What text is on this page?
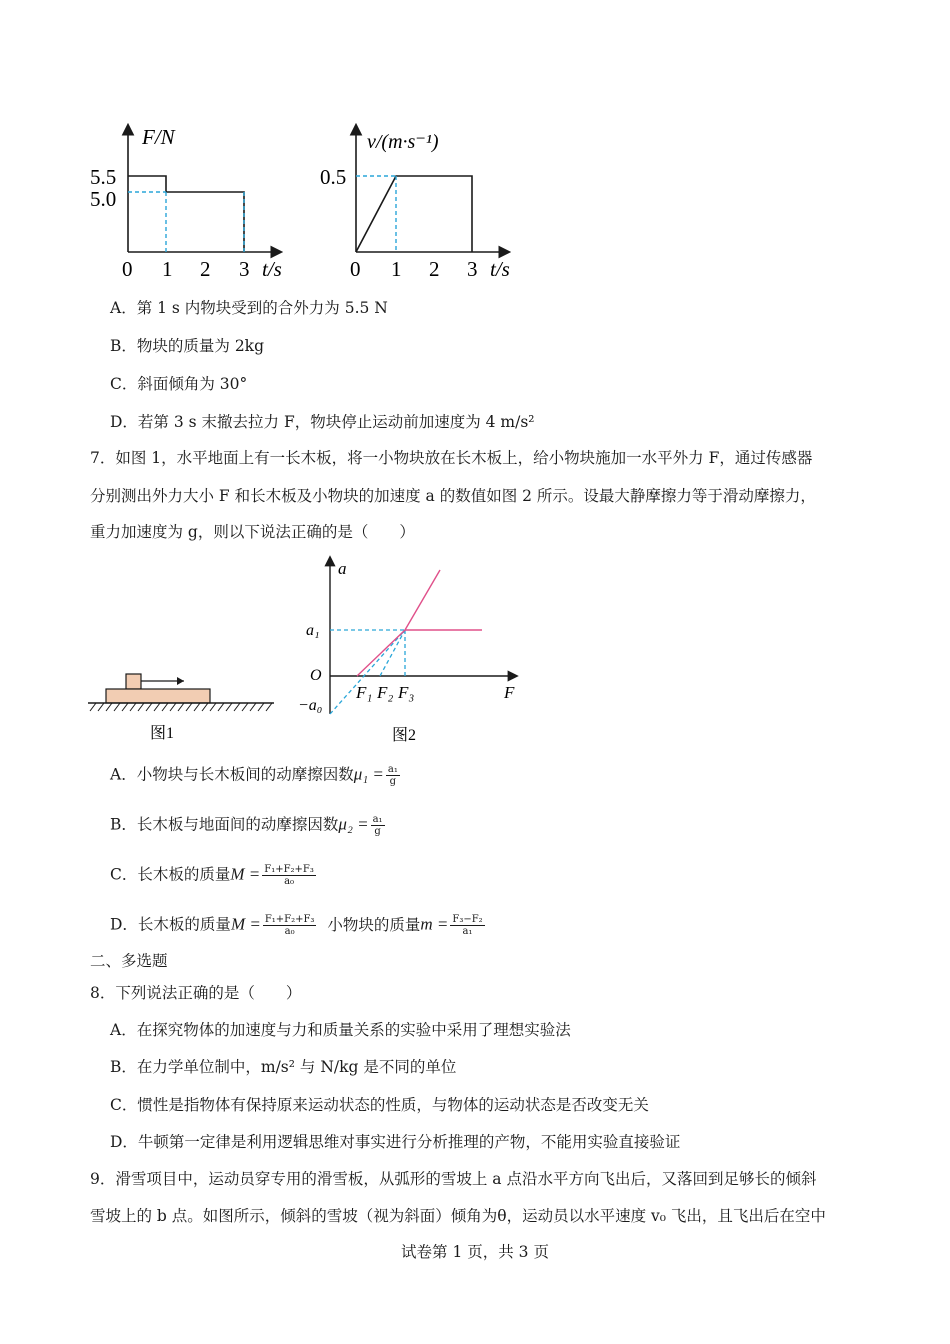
F/N
5.5
5.0
0 1 2 3 t/s
v/(m·s⁻¹)
0.5
0 1 2 3 t/s
A．第 1 s 内物块受到的合外力为 5.5 N
B．物块的质量为 2kg
C．斜面倾角为 30°
D．若第 3 s 末撤去拉力 F，物块停止运动前加速度为 4 m/s²
7．如图 1，水平地面上有一长木板，将一小物块放在长木板上，给小物块施加一水平外力 F，通过传感器
分别测出外力大小 F 和长木板及小物块的加速度 a 的数值如图 2 所示。设最大静摩擦力等于滑动摩擦力，
重力加速度为 g，则以下说法正确的是（　　）
图1
a
a₁
O
−a₀
F₁ F₂ F₃	F
图2
A．小物块与长木板间的动摩擦因数$\mu_1 = \frac{\text{a₁}}{g}$
B．长木板与地面间的动摩擦因数$\mu_2 = \frac{\text{a₁}}{g}$
C．长木板的质量$M = \frac{\text{F₁+F₂+F₃}}{\text{a₀}}$
D．长木板的质量$M = \frac{\text{F₁+F₂+F₃}}{\text{a₀}}$ 小物块的质量$m = \frac{\text{F₃−F₂}}{\text{a₁}}$
二、多选题
8．下列说法正确的是（　　）
A．在探究物体的加速度与力和质量关系的实验中采用了理想实验法
B．在力学单位制中，m/s² 与 N/kg 是不同的单位
C．惯性是指物体有保持原来运动状态的性质，与物体的运动状态是否改变无关
D．牛顿第一定律是利用逻辑思维对事实进行分析推理的产物，不能用实验直接验证
9．滑雪项目中，运动员穿专用的滑雪板，从弧形的雪坡上 a 点沿水平方向飞出后，又落回到足够长的倾斜
雪坡上的 b 点。如图所示，倾斜的雪坡（视为斜面）倾角为θ，运动员以水平速度 v₀ 飞出，且飞出后在空中
试卷第 1 页，共 3 页
